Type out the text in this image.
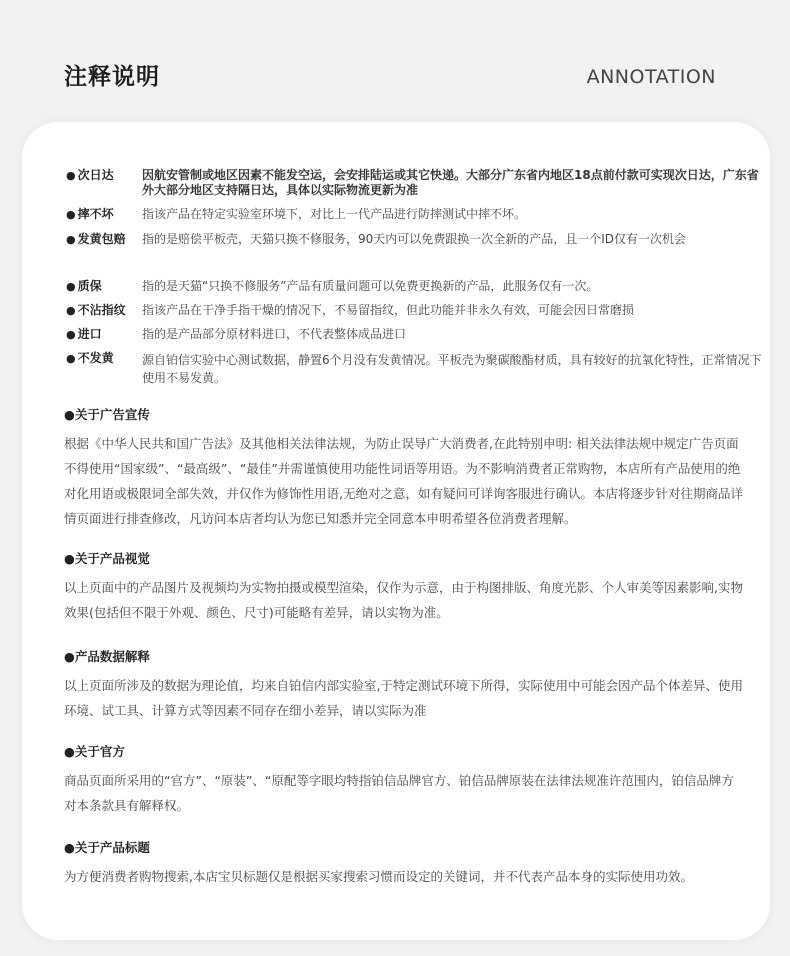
注释说明	ANNOTATION
● 次日达	因航安管制或地区因素不能发空运，会安排陆运或其它快递。大部分广东省内地区18点前付款可实现次日达，广东省外大部分地区支持隔日达，具体以实际物流更新为准
● 摔不坏	指该产品在特定实验室环境下，对比上一代产品进行防摔测试中摔不坏。
● 发黄包赔	指的是赔偿平板壳，天猫只换不修服务，90天内可以免费跟换一次全新的产品，且一个ID仅有一次机会
● 质保	指的是天猫“只换不修服务”产品有质量问题可以免费更换新的产品，此服务仅有一次。
● 不沾指纹	指该产品在干净手指干燥的情况下，不易留指纹，但此功能并非永久有效，可能会因日常磨损
● 进口	指的是产品部分原材料进口，不代表整体成品进口
● 不发黄	源自铂信实验中心测试数据，静置6个月没有发黄情况。平板壳为聚碳酸酯材质，具有较好的抗氧化特性，正常情况下使用不易发黄。
●关于广告宣传
根据《中华人民共和国广告法》及其他相关法律法规，为防止误导广大消费者,在此特别申明: 相关法律法规中规定广告页面不得使用“国家级”、“最高级”、“最佳”并需谨慎使用功能性词语等用语。为不影响消费者正常购物，本店所有产品使用的绝对化用语或极限词全部失效，并仅作为修饰性用语,无绝对之意，如有疑问可详询客服进行确认。本店将逐步针对往期商品详情页面进行排查修改，凡访问本店者均认为您已知悉并完全同意本申明希望各位消费者理解。
●关于产品视觉
以上页面中的产品图片及视频均为实物拍摄或模型渲染，仅作为示意，由于构图排版、角度光影、个人审美等因素影响,实物效果(包括但不限于外观、颜色、尺寸)可能略有差异，请以实物为准。
●产品数据解释
以上页面所涉及的数据为理论值，均来自铂信内部实验室,于特定测试环境下所得，实际使用中可能会因产品个体差异、使用环境、试工具、计算方式等因素不同存在细小差异，请以实际为准
●关于官方
商品页面所采用的“官方”、“原装”、“原配等字眼均特指铂信品牌官方、铂信品牌原装在法律法规准许范围内，铂信品牌方对本条款具有解释权。
●关于产品标题
为方便消费者购物搜索,本店宝贝标题仅是根据买家搜索习惯而设定的关键词，并不代表产品本身的实际使用功效。
